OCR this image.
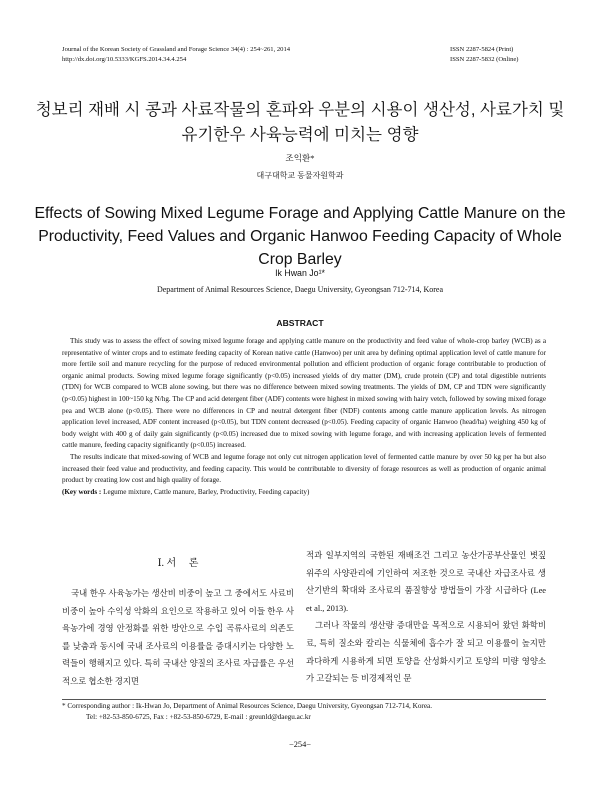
Journal of the Korean Society of Grassland and Forage Science 34(4) : 254~261, 2014
http://dx.doi.org/10.5333/KGFS.2014.34.4.254
ISSN 2287-5824 (Print)
ISSN 2287-5832 (Online)
청보리 재배 시 콩과 사료작물의 혼파와 우분의 시용이 생산성, 사료가치 및
유기한우 사육능력에 미치는 영향
조익환*
대구대학교 동물자원학과
Effects of Sowing Mixed Legume Forage and Applying Cattle Manure on the
Productivity, Feed Values and Organic Hanwoo Feeding Capacity of Whole
Crop Barley
Ik Hwan Jo¹*
Department of Animal Resources Science, Daegu University, Gyeongsan 712-714, Korea
ABSTRACT

This study was to assess the effect of sowing mixed legume forage and applying cattle manure on the productivity and feed value of whole-crop barley (WCB) as a representative of winter crops and to estimate feeding capacity of Korean native cattle (Hanwoo) per unit area by defining optimal application level of cattle manure for more fertile soil and manure recycling for the purpose of reduced environmental pollution and efficient production of organic forage contributable to production of organic animal products. Sowing mixed legume forage significantly (p<0.05) increased yields of dry matter (DM), crude protein (CP) and total digestible nutrients (TDN) for WCB compared to WCB alone sowing, but there was no difference between mixed sowing treatments. The yields of DM, CP and TDN were significantly (p<0.05) highest in 100~150 kg N/hg. The CP and acid detergent fiber (ADF) contents were highest in mixed sowing with hairy vetch, followed by sowing mixed forage pea and WCB alone (p<0.05). There were no differences in CP and neutral detergent fiber (NDF) contents among cattle manure application levels. As nitrogen application level increased, ADF content increased (p<0.05), but TDN content decreased (p<0.05). Feeding capacity of organic Hanwoo (head/ha) weighing 450 kg of body weight with 400 g of daily gain significantly (p<0.05) increased due to mixed sowing with legume forage, and with increasing application levels of fermented cattle manure, feeding capacity significantly (p<0.05) increased.

The results indicate that mixed-sowing of WCB and legume forage not only cut nitrogen application level of fermented cattle manure by over 50 kg per ha but also increased their feed value and productivity, and feeding capacity. This would be contributable to diversity of forage resources as well as production of organic animal product by creating low cost and high quality of forage.

(Key words : Legume mixture, Cattle manure, Barley, Productivity, Feeding capacity)
Ⅰ. 서     론

국내 한우 사육농가는 생산비 비중이 높고 그 중에서도 사료비 비중이 높아 수익성 악화의 요인으로 작용하고 있어 이들 한우 사육농가에 경영 안정화를 위한 방안으로 수입 곡류사료의 의존도를 낮춤과 동시에 국내 조사료의 이용률을 증대시키는 다양한 노력들이 행해지고 있다. 특히 국내산 양질의 조사료 자급률은 우선적으로 협소한 경지면

적과 일부지역의 국한된 재배조건 그리고 농산가공부산물인 볏짚 위주의 사양관리에 기인하여 저조한 것으로 국내산 자급조사료 생산기반의 확대와 조사료의 품질향상 방법들이 가장 시급하다 (Lee et al., 2013).

그러나 작물의 생산량 증대만을 목적으로 시용되어 왔던 화학비료, 특히 질소와 칼리는 식물체에 흡수가 잘 되고 이용률이 높지만 과다하게 시용하게 되면 토양을 산성화시키고 토양의 미량 영양소가 고갈되는 등 비경제적인 문

* Corresponding author : Ik-Hwan Jo, Department of Animal Resources Science, Daegu University, Gyeongsan 712-714, Korea.
Tel: +82-53-850-6725, Fax : +82-53-850-6729, E-mail : greunld@daegu.ac.kr
−254−
